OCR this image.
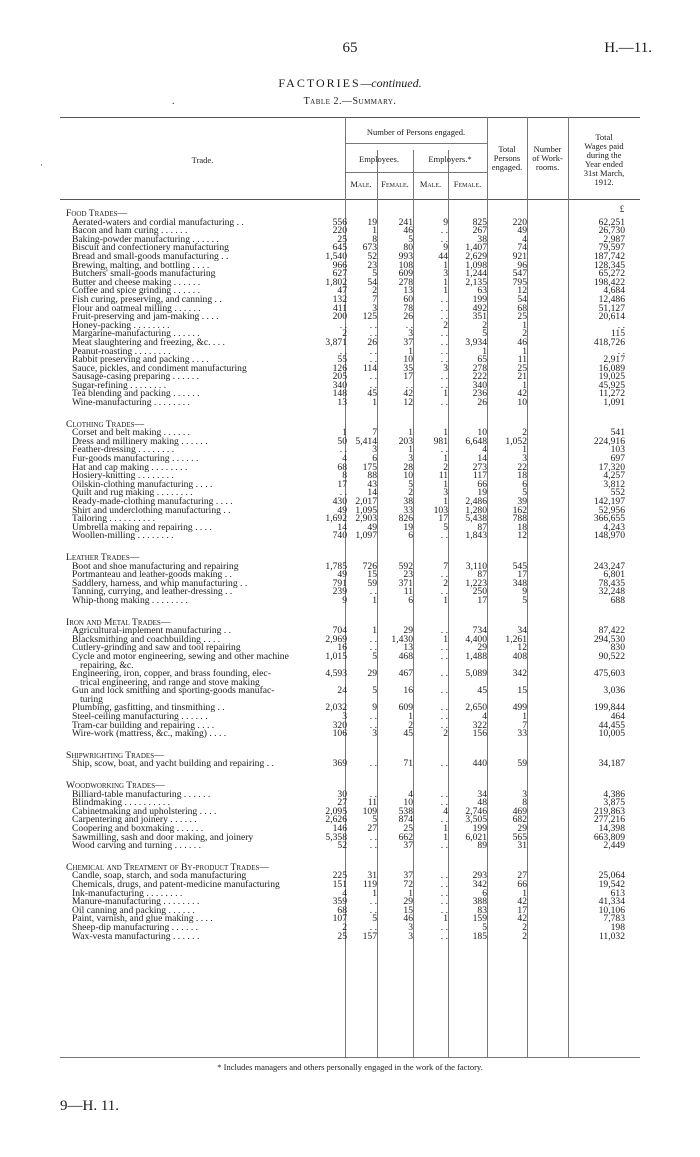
65	H.—11.
FACTORIES—continued.
.	Table 2.—Summary.
·	Trade.
Number of Persons engaged.
Employees.	Employers.*
Male.	Female.	Male.	Female.
Total
Persons
engaged.
Number
of Work-
rooms.
Total
Wages paid
during the
Year ended
31st March,
1912.
£
Food Trades—
Aerated-waters and cordial manufacturing . .	556	19	241	9	825	220	62,251
Bacon and ham curing . . . . . .	220	1	46	. .	267	49	26,730
Baking-powder manufacturing . . . . . .	25	8	5	. .	38	4	2,987
Biscuit and confectionery manufacturing	645	673	80	9	1,407	74	79,597
Bread and small-goods manufacturing . .	1,540	52	993	44	2,629	921	187,742
Brewing, malting, and bottling . . . .	966	23	108	1	1,098	96	128,345
Butchers' small-goods manufacturing	627	5	609	3	1,244	547	65,272
Butter and cheese making . . . . . .	1,802	54	278	1	2,135	795	198,422
Coffee and spice grinding . . . . . .	47	2	13	1	63	12	4,684
Fish curing, preserving, and canning . .	132	7	60	. .	199	54	12,486
Flour and oatmeal milling . . . . . .	411	3	78	. .	492	68	51,127
Fruit-preserving and jam-making . . . .	200	125	26	. .	351	25	20,614
Honey-packing . . . . . . . .	. .	. .	. .	2	2	1	. .
Margarine-manufacturing . . . . . .	2	. .	3	. .	5	2	115
Meat slaughtering and freezing, &c. . . .	3,871	26	37	. .	3,934	46	418,726
Peanut-roasting . . . . . . . .	. .	. .	1	. .	1	1	. .
Rabbit preserving and packing . . . .	55	. .	10	. .	65	11	2,917
Sauce, pickles, and condiment manufacturing	126	114	35	3	278	25	16,089
Sausage-casing preparing . . . . . .	205	. .	17	. .	222	21	19,025
Sugar-refining . . . . . . . .	340	. .	. .	. .	340	1	45,925
Tea blending and packing . . . . . .	148	45	42	1	236	42	11,272
Wine-manufacturing . . . . . . . .	13	1	12	. .	26	10	1,091
Clothing Trades—
Corset and belt making . . . . . .	1	7	1	1	10	2	541
Dress and millinery making . . . . . .	50 5,414	203	981	6,648	1,052	224,916
Feather-dressing . . . . . . . .	. .	3	1	. .	4	1	103
Fur-goods manufacturing . . . . . .	4	6	3	1	14	3	697
Hat and cap making . . . . . . . .	68	175	28	2	273	22	17,320
Hosiery-knitting . . . . . . . .	8	88	10	11	117	18	4,257
Oilskin-clothing manufacturing . . . .	17	43	5	1	66	6	3,812
Quilt and rug making . . . . . . . .	. .	14	2	3	19	5	552
Ready-made-clothing manufacturing . . . .	430 2,017	38	1	2,486	39	142,197
Shirt and underclothing manufacturing . .	49 1,095	33	103	1,280	162	52,956
Tailoring . . . . . . . . . .	1,692 2,903	826	17	5,438	788	366,655
Umbrella making and repairing . . . .	14	49	19	5	87	18	4,243
Woollen-milling . . . . . . . .	740 1,097	6	. .	1,843	12	148,970
Leather Trades—
Boot and shoe manufacturing and repairing	1,785	726	592	7	3,110	545	243,247
Portmanteau and leather-goods making . .	49	15	23	. .	87	17	6,801
Saddlery, harness, and whip manufacturing . .	791	59	371	2	1,223	348	78,435
Tanning, currying, and leather-dressing . .	239	. .	11	. .	250	9	32,248
Whip-thong making . . . . . . . .	9	1	6	1	17	5	688
Iron and Metal Trades—
Agricultural-implement manufacturing . .	704	1	29	. .	734	34	87,422
Blacksmithing and coachbuilding . . . .	2,969	. .	1,430	1	4,400	1,261	294,530
Cutlery-grinding and saw and tool repairing	16	. .	13	. .	29	12	830
Cycle and motor engineering, sewing and other machine	1,015	5	468	. .	1,488	408	90,522
repairing, &c.
Engineering, iron, copper, and brass founding, elec-	4,593	29	467	. .	5,089	342	475,603
trical engineering, and range and stove making
Gun and lock smithing and sporting-goods manufac-	24	5	16	. .	45	15	3,036
turing
Plumbing, gasfitting, and tinsmithing . .	2,032	9	609	. .	2,650	499	199,844
Steel-ceiling manufacturing . . . . . .	3	. .	1	. .	4	1	464
Tram-car building and repairing . . . .	320	. .	2	. .	322	7	44,455
Wire-work (mattress, &c., making) . . . .	106	3	45	2	156	33	10,005
Shipwrighting Trades—
Ship, scow, boat, and yacht building and repairing . .	369	. .	71	. .	440	59	34,187
Woodworking Trades—
Billiard-table manufacturing . . . . . .	30	. .	4	. .	34	3	4,386
Blindmaking . . . . . . . . . .	27	11	10	. .	48	8	3,875
Cabinetmaking and upholstering . . . .	2,095	109	538	4	2,746	469	219,863
Carpentering and joinery . . . . . .	2,626	5	874	. .	3,505	682	277,216
Coopering and boxmaking . . . . . .	146	27	25	1	199	29	14,398
Sawmilling, sash and door making, and joinery	5,358	. .	662	1	6,021	565	663,809
Wood carving and turning . . . . . .	52	. .	37	. .	89	31	2,449
Chemical and Treatment of By-product Trades—
Candle, soap, starch, and soda manufacturing	225	31	37	. .	293	27	25,064
Chemicals, drugs, and patent-medicine manufacturing	151	119	72	. .	342	66	19,542
Ink-manufacturing . . . . . . . .	4	1	1	. .	6	1	613
Manure-manufacturing . . . . . . . .	359	. .	29	. .	388	42	41,334
Oil canning and packing . . . . . .	68	. .	15	. .	83	17	10,106
Paint, varnish, and glue making . . . .	107	5	46	1	159	42	7,783
Sheep-dip manufacturing . . . . . .	2	. .	3	. .	5	2	198
Wax-vesta manufacturing . . . . . .	25	157	3	. .	185	2	11,032
* Includes managers and others personally engaged in the work of the factory.
9—H. 11.
